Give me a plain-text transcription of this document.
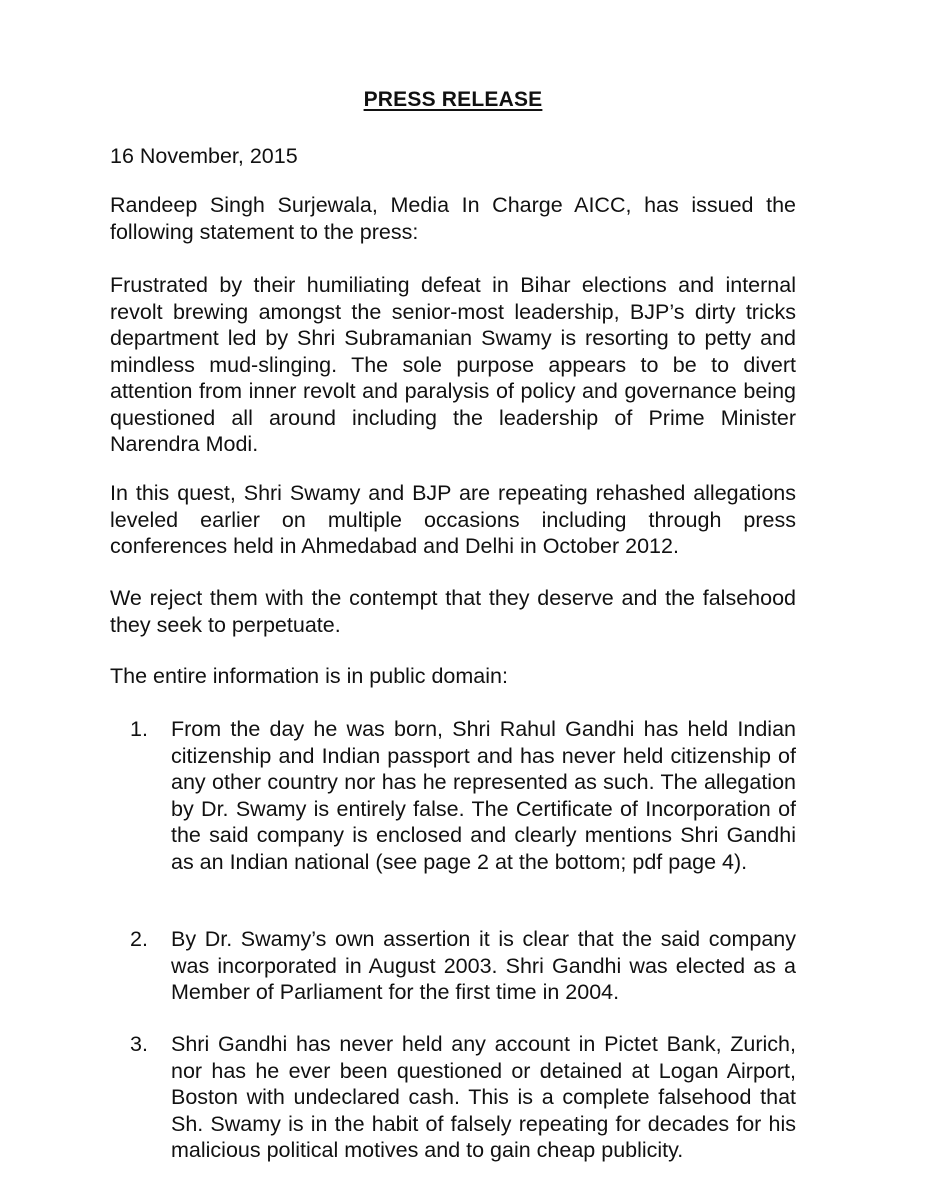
PRESS RELEASE
16 November, 2015
Randeep Singh Surjewala, Media In Charge AICC, has issued the following statement to the press:
Frustrated by their humiliating defeat in Bihar elections and internal revolt brewing amongst the senior-most leadership, BJP’s dirty tricks department led by Shri Subramanian Swamy is resorting to petty and mindless mud-slinging. The sole purpose appears to be to divert attention from inner revolt and paralysis of policy and governance being questioned all around including the leadership of Prime Minister Narendra Modi.
In this quest, Shri Swamy and BJP are repeating rehashed allegations leveled earlier on multiple occasions including through press conferences held in Ahmedabad and Delhi in October 2012.
We reject them with the contempt that they deserve and the falsehood they seek to perpetuate.
The entire information is in public domain:
1.	From the day he was born, Shri Rahul Gandhi has held Indian citizenship and Indian passport and has never held citizenship of any other country nor has he represented as such. The allegation by Dr. Swamy is entirely false. The Certificate of Incorporation of the said company is enclosed and clearly mentions Shri Gandhi as an Indian national (see page 2 at the bottom; pdf page 4).
2.	By Dr. Swamy’s own assertion it is clear that the said company was incorporated in August 2003. Shri Gandhi was elected as a Member of Parliament for the first time in 2004.
3.	Shri Gandhi has never held any account in Pictet Bank, Zurich, nor has he ever been questioned or detained at Logan Airport, Boston with undeclared cash. This is a complete falsehood that Sh. Swamy is in the habit of falsely repeating for decades for his malicious political motives and to gain cheap publicity.
